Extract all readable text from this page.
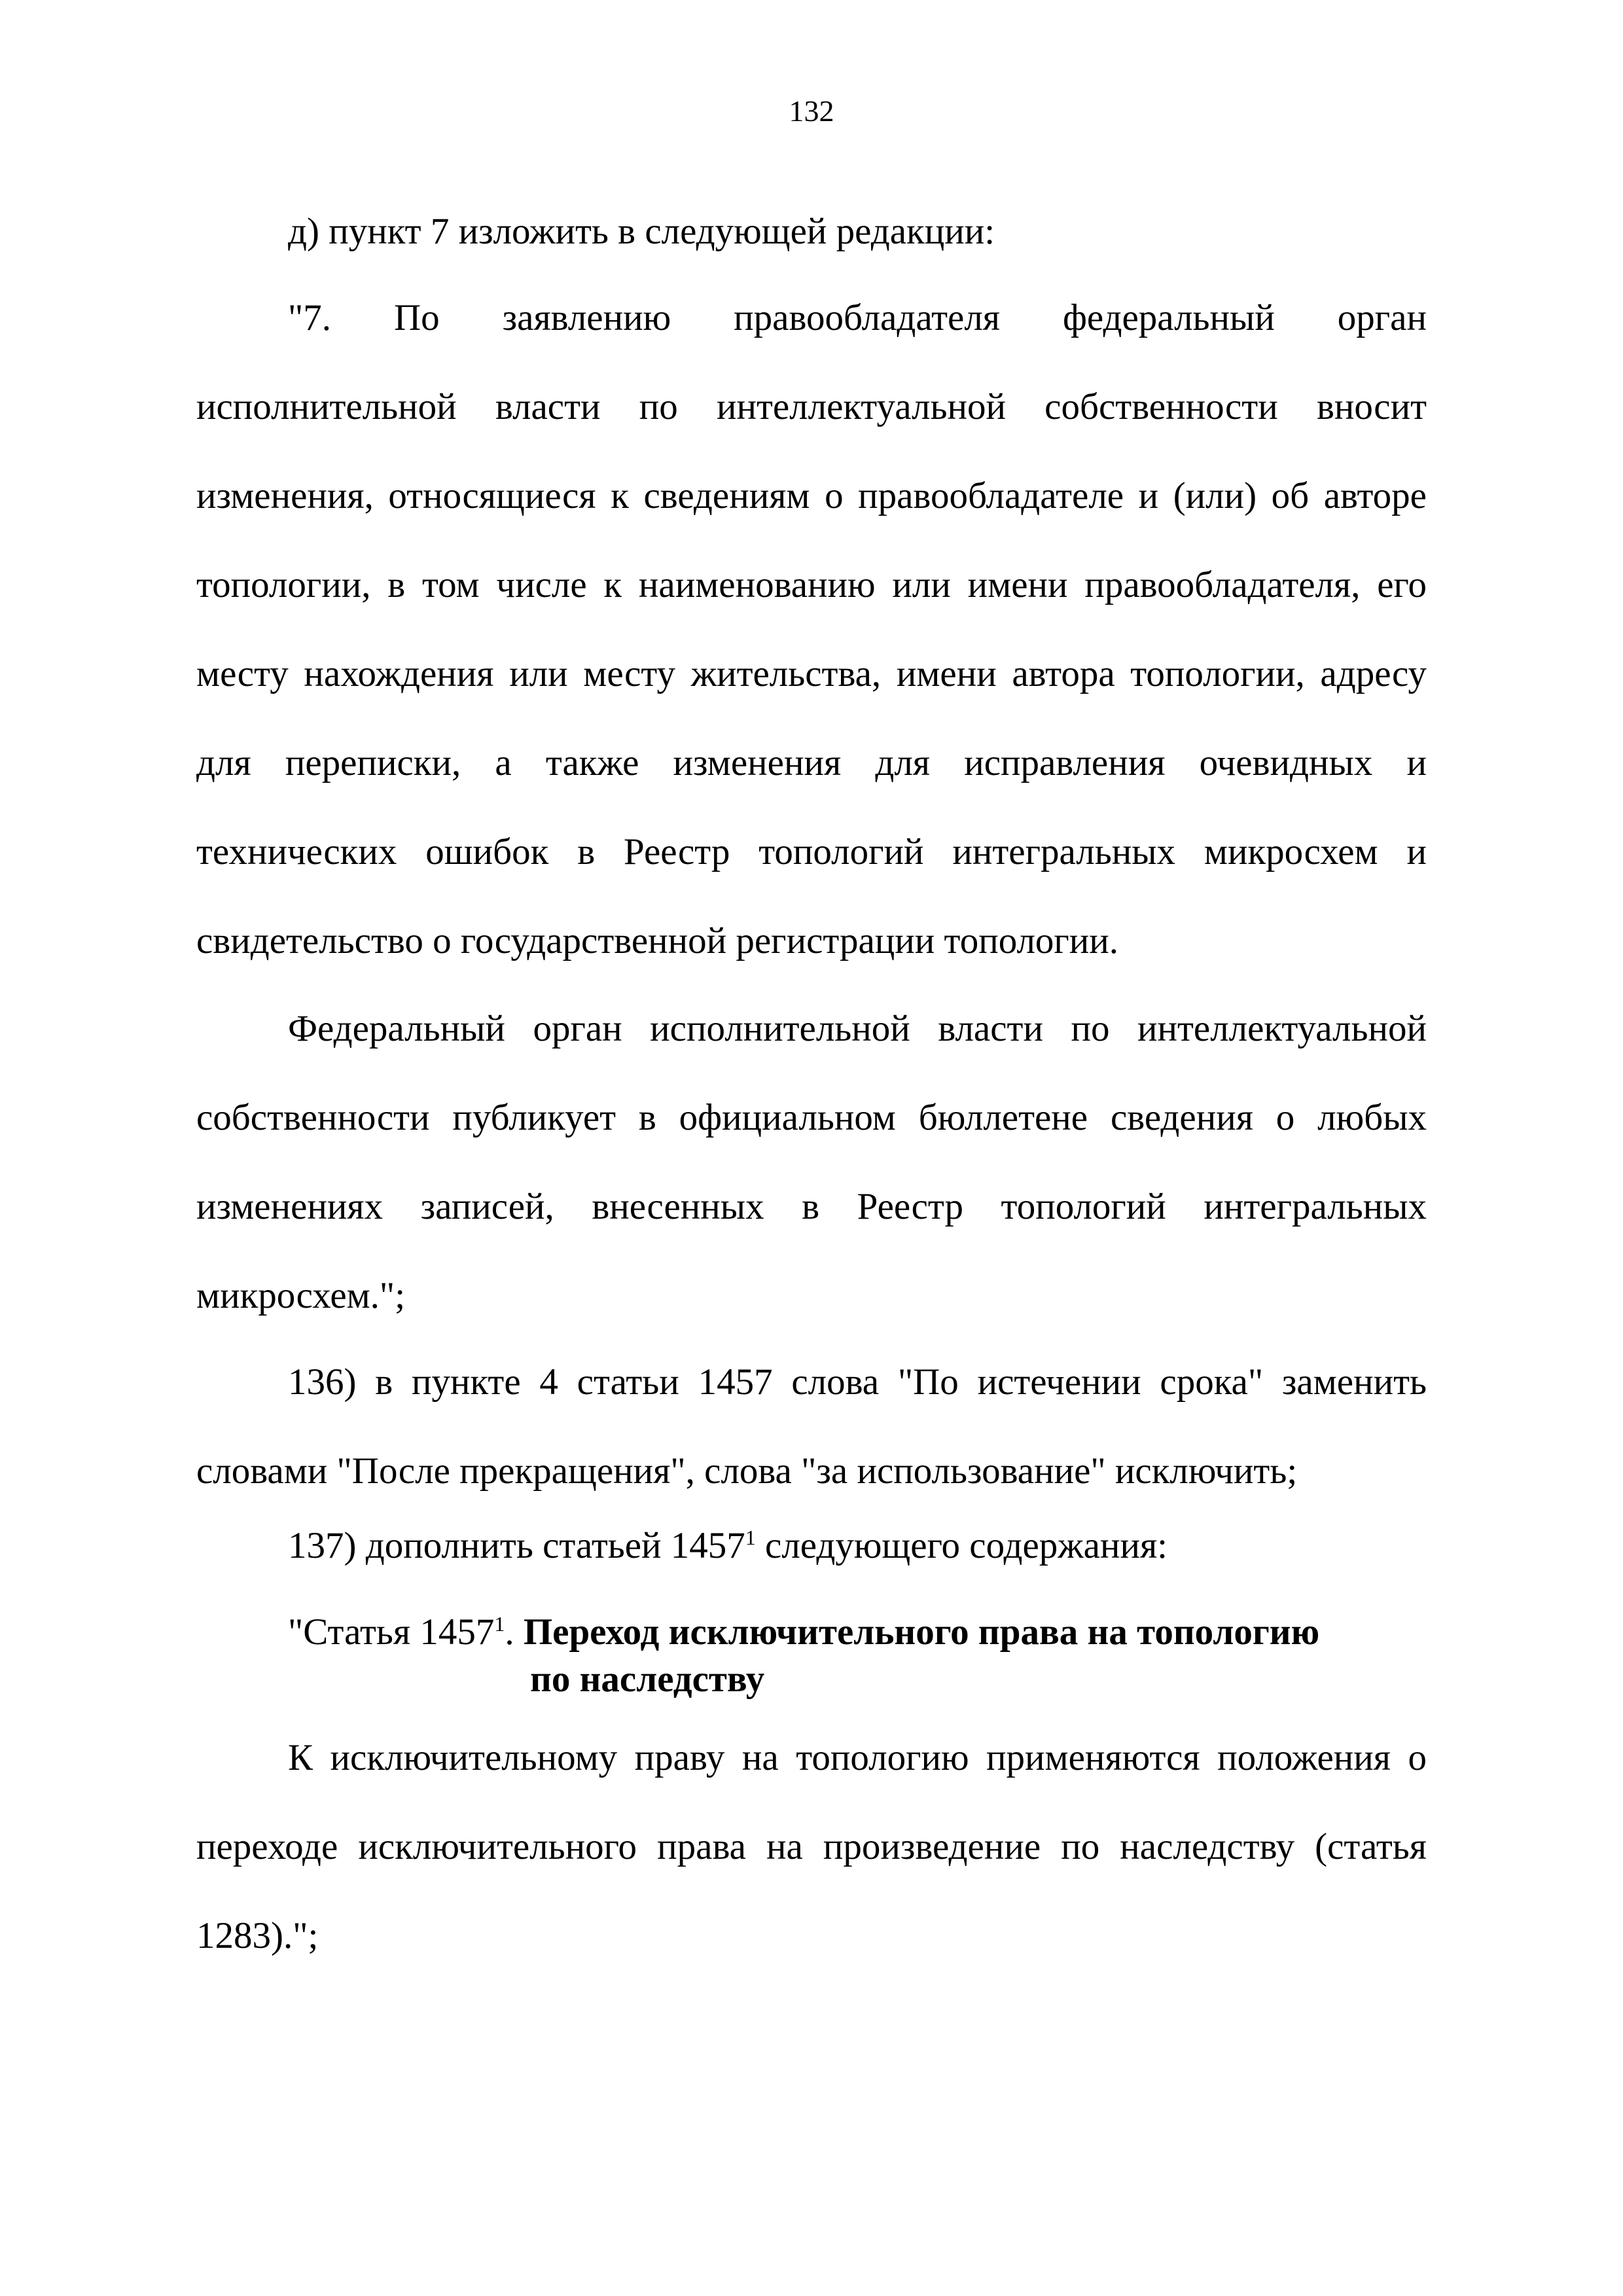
132

д) пункт 7 изложить в следующей редакции:

"7. По заявлению правообладателя федеральный орган исполнительной власти по интеллектуальной собственности вносит изменения, относящиеся к сведениям о правообладателе и (или) об авторе топологии, в том числе к наименованию или имени правообладателя, его месту нахождения или месту жительства, имени автора топологии, адресу для переписки, а также изменения для исправления очевидных и технических ошибок в Реестр топологий интегральных микросхем и свидетельство о государственной регистрации топологии.

Федеральный орган исполнительной власти по интеллектуальной собственности публикует в официальном бюллетене сведения о любых изменениях записей, внесенных в Реестр топологий интегральных микросхем.";

136) в пункте 4 статьи 1457 слова "По истечении срока" заменить словами "После прекращения", слова "за использование" исключить;

137) дополнить статьей 1457$^1$ следующего содержания:

"Статья 1457$^1$. Переход исключительного права на топологию
по наследству

К исключительному праву на топологию применяются положения о переходе исключительного права на произведение по наследству (статья 1283).";
